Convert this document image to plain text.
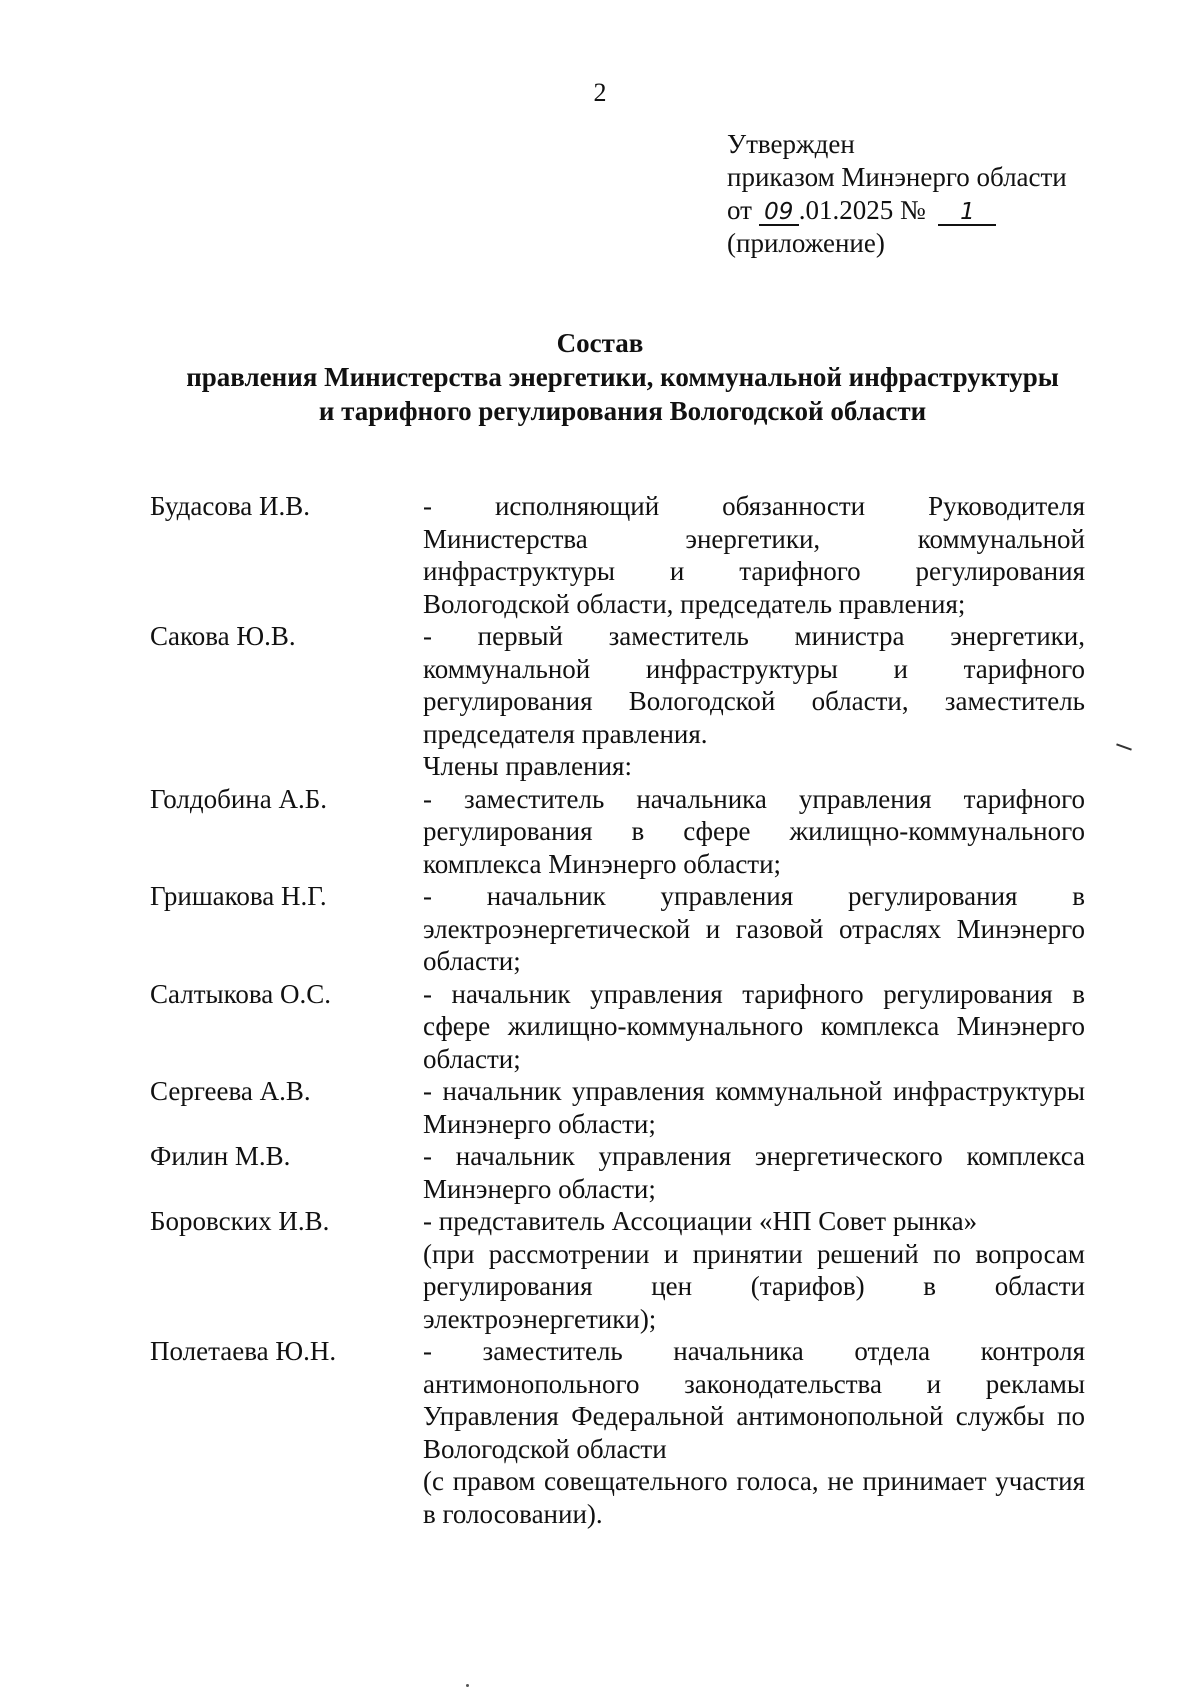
2
Утвержден
приказом Минэнерго области
от 09 .01.2025 № 1
(приложение)
Состав
правления Министерства энергетики, коммунальной инфраструктуры
и тарифного регулирования Вологодской области
Будасова И.В.	- исполняющий обязанности Руководителя Министерства энергетики, коммунальной инфраструктуры и тарифного регулирования Вологодской области, председатель правления;
Сакова Ю.В.	- первый заместитель министра энергетики, коммунальной инфраструктуры и тарифного регулирования Вологодской области, заместитель председателя правления.
Члены правления:
Голдобина А.Б.	- заместитель начальника управления тарифного регулирования в сфере жилищно-коммунального комплекса Минэнерго области;
Гришакова Н.Г.	- начальник управления регулирования в электроэнергетической и газовой отраслях Минэнерго области;
Салтыкова О.С.	- начальник управления тарифного регулирования в сфере жилищно-коммунального комплекса Минэнерго области;
Сергеева А.В.	- начальник управления коммунальной инфраструктуры Минэнерго области;
Филин М.В.	- начальник управления энергетического комплекса Минэнерго области;
Боровских И.В.	- представитель Ассоциации «НП Совет рынка»
(при рассмотрении и принятии решений по вопросам регулирования цен (тарифов) в области электроэнергетики);
Полетаева Ю.Н.	- заместитель начальника отдела контроля антимонопольного законодательства и рекламы Управления Федеральной антимонопольной службы по Вологодской области
(с правом совещательного голоса, не принимает участия в голосовании).
